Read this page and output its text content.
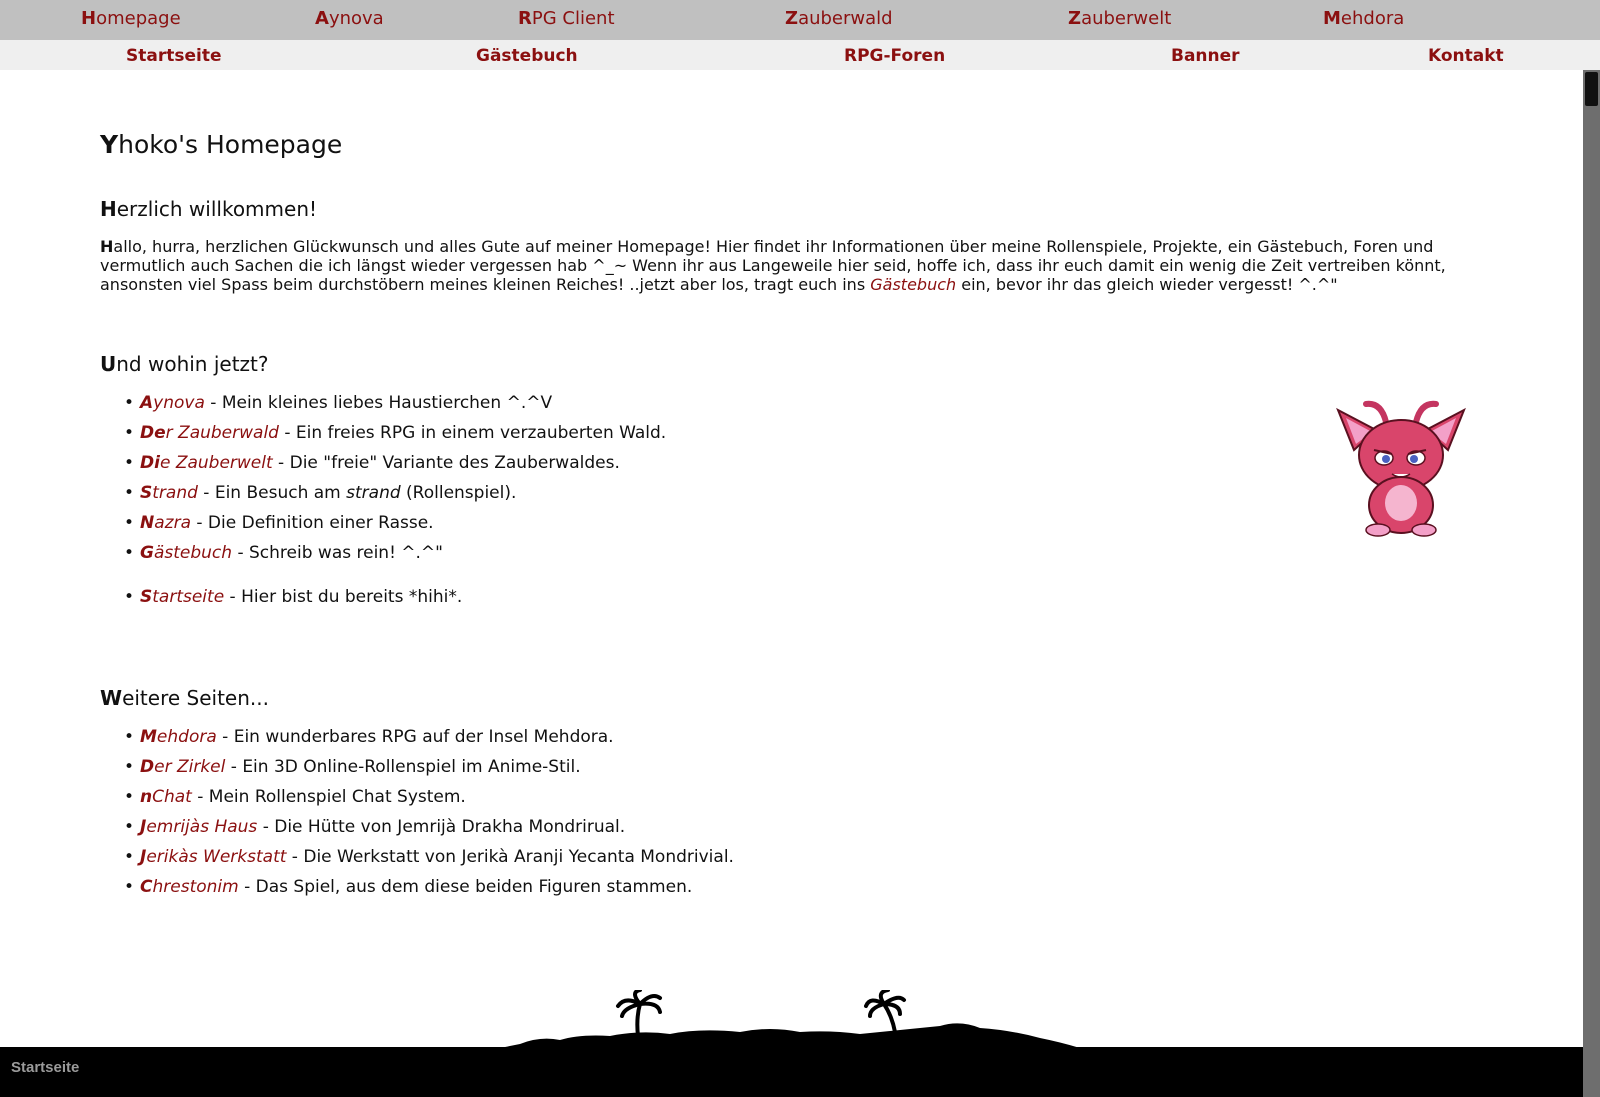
Homepage	Aynova	RPG Client	Zauberwald	Zauberwelt	Mehdora
Startseite	Gästebuch	RPG-Foren	Banner	Kontakt
Yhoko's Homepage
Herzlich willkommen!

Hallo, hurra, herzlichen Glückwunsch und alles Gute auf meiner Homepage! Hier findet ihr Informationen über meine Rollenspiele, Projekte, ein Gästebuch, Foren und vermutlich auch Sachen die ich längst wieder vergessen hab ^_~ Wenn ihr aus Langeweile hier seid, hoffe ich, dass ihr euch damit ein wenig die Zeit vertreiben könnt, ansonsten viel Spass beim durchstöbern meines kleinen Reiches! ..jetzt aber los, tragt euch ins Gästebuch ein, bevor ihr das gleich wieder vergesst! ^.^"

Und wohin jetzt?
• Aynova - Mein kleines liebes Haustierchen ^.^V
• Der Zauberwald - Ein freies RPG in einem verzauberten Wald.
• Die Zauberwelt - Die "freie" Variante des Zauberwaldes.
• Strand - Ein Besuch am strand (Rollenspiel).
• Nazra - Die Definition einer Rasse.
• Gästebuch - Schreib was rein! ^.^"
• Startseite - Hier bist du bereits *hihi*.
Weitere Seiten...
• Mehdora - Ein wunderbares RPG auf der Insel Mehdora.
• Der Zirkel - Ein 3D Online-Rollenspiel im Anime-Stil.
• nChat - Mein Rollenspiel Chat System.
• Jemrijàs Haus - Die Hütte von Jemrijà Drakha Mondrirual.
• Jerikàs Werkstatt - Die Werkstatt von Jerikà Aranji Yecanta Mondrivial.
• Chrestonim - Das Spiel, aus dem diese beiden Figuren stammen.
Startseite
